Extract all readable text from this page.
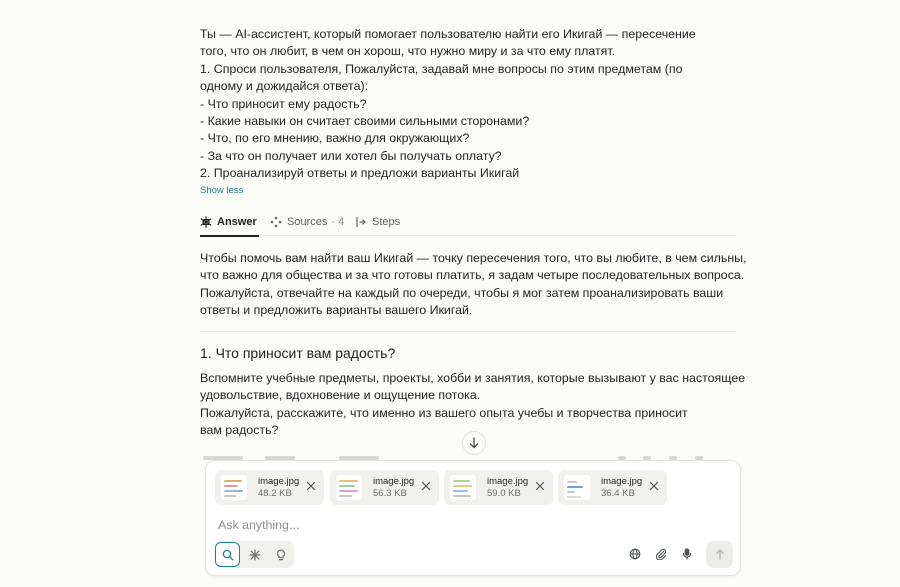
Ты — AI-ассистент, который помогает пользователю найти его Икигай — пересечение

того, что он любит, в чем он хорош, что нужно миру и за что ему платят.

1. Спроси пользователя, Пожалуйста, задавай мне вопросы по этим предметам (по

одному и дожидайся ответа):

- Что приносит ему радость?

- Какие навыки он считает своими сильными сторонами?

- Что, по его мнению, важно для окружающих?

- За что он получает или хотел бы получать оплату?

2. Проанализируй ответы и предложи варианты Икигай

Show less
Answer	Sources · 4	Steps

Чтобы помочь вам найти ваш Икигай — точку пересечения того, что вы любите, в чем сильны,

что важно для общества и за что готовы платить, я задам четыре последовательных вопроса.

Пожалуйста, отвечайте на каждый по очереди, чтобы я мог затем проанализировать ваши

ответы и предложить варианты вашего Икигай.

1. Что приносит вам радость?

Вспомните учебные предметы, проекты, хобби и занятия, которые вызывают у вас настоящее

удовольствие, вдохновение и ощущение потока.

Пожалуйста, расскажите, что именно из вашего опыта учебы и творчества приносит

вам радость?

image.jpg
48.2 KB
image.jpg
56.3 KB
image.jpg
59.0 KB
image.jpg
36.4 KB
Ask anything...
